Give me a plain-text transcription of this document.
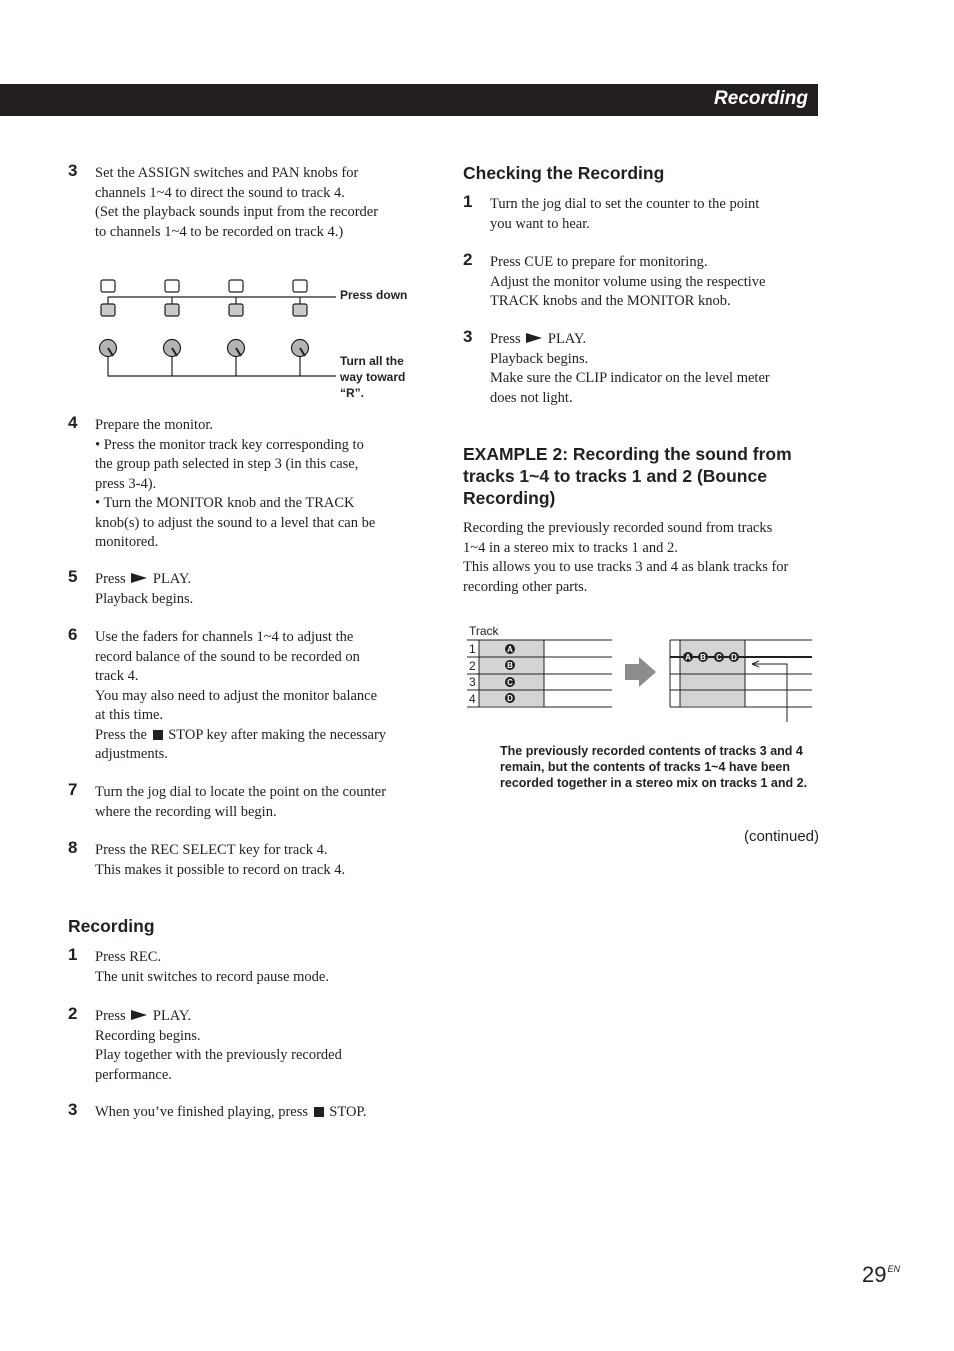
Recording
3 Set the ASSIGN switches and PAN knobs for

channels 1~4 to direct the sound to track 4.

(Set the playback sounds input from the recorder

to channels 1~4 to be recorded on track 4.)

Press down
Turn all the
way toward
“R”.
4 Prepare the monitor.

• Press the monitor track key corresponding to

the group path selected in step 3 (in this case,

press 3-4).

• Turn the MONITOR knob and the TRACK

knob(s) to adjust the sound to a level that can be

monitored.

5 Press PLAY.

Playback begins.

6 Use the faders for channels 1~4 to adjust the

record balance of the sound to be recorded on

track 4.

You may also need to adjust the monitor balance

at this time.

Press the STOP key after making the necessary

adjustments.

7 Turn the jog dial to locate the point on the counter

where the recording will begin.

8 Press the REC SELECT key for track 4.

This makes it possible to record on track 4.

Recording
1 Press REC.

The unit switches to record pause mode.

2 Press PLAY.

Recording begins.

Play together with the previously recorded

performance.

3 When you’ve finished playing, press STOP.

Checking the Recording
1 Turn the jog dial to set the counter to the point

you want to hear.

2 Press CUE to prepare for monitoring.

Adjust the monitor volume using the respective

TRACK knobs and the MONITOR knob.

3 Press PLAY.

Playback begins.

Make sure the CLIP indicator on the level meter

does not light.

EXAMPLE 2: Recording the sound from
tracks 1~4 to tracks 1 and 2 (Bounce
Recording)

Recording the previously recorded sound from tracks

1~4 in a stereo mix to tracks 1 and 2.

This allows you to use tracks 3 and 4 as blank tracks for

recording other parts.

Track
1
2
3
4
A
B
C
D
A B C D
The previously recorded contents of tracks 3 and 4
remain, but the contents of tracks 1~4 have been
recorded together in a stereo mix on tracks 1 and 2.
(continued)
$29^{EN}$
